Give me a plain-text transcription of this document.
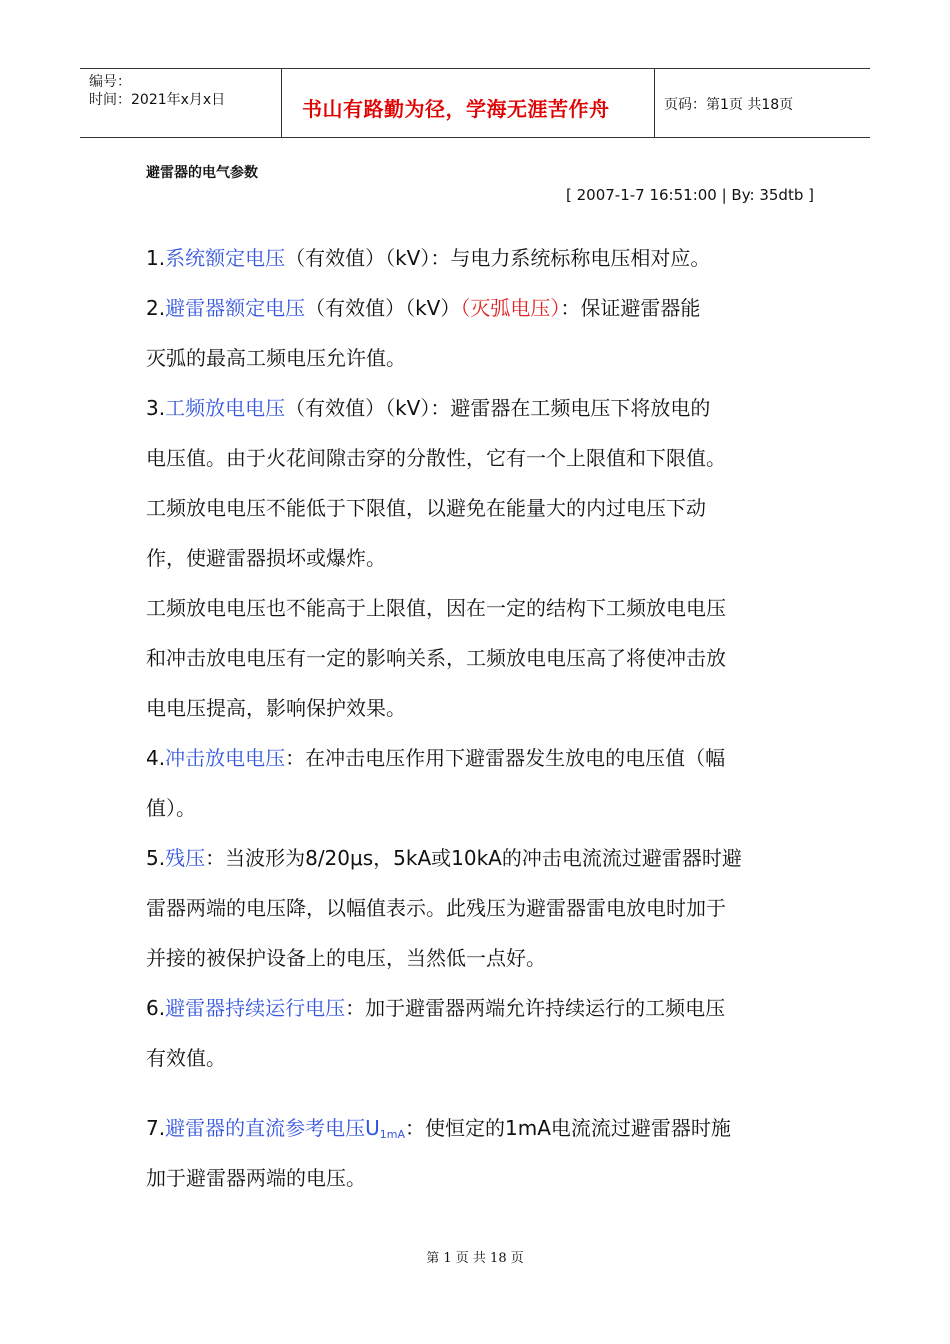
编号：
时间：2021年x月x日	书山有路勤为径，学海无涯苦作舟	页码：第1页 共18页
避雷器的电气参数
[ 2007-1-7 16:51:00 | By: 35dtb ]

1.系统额定电压（有效值）（kV）：与电力系统标称电压相对应。

2.避雷器额定电压（有效值）（kV）（灭弧电压）：保证避雷器能

灭弧的最高工频电压允许值。

3.工频放电电压（有效值）（kV）：避雷器在工频电压下将放电的

电压值。由于火花间隙击穿的分散性，它有一个上限值和下限值。

工频放电电压不能低于下限值，以避免在能量大的内过电压下动

作，使避雷器损坏或爆炸。

工频放电电压也不能高于上限值，因在一定的结构下工频放电电压

和冲击放电电压有一定的影响关系，工频放电电压高了将使冲击放

电电压提高，影响保护效果。

4.冲击放电电压：在冲击电压作用下避雷器发生放电的电压值（幅

值）。

5.残压：当波形为8/20μs，5kA或10kA的冲击电流流过避雷器时避

雷器两端的电压降，以幅值表示。此残压为避雷器雷电放电时加于

并接的被保护设备上的电压，当然低一点好。

6.避雷器持续运行电压：加于避雷器两端允许持续运行的工频电压

有效值。

7.避雷器的直流参考电压$U_{1mA}$：使恒定的1mA电流流过避雷器时施

加于避雷器两端的电压。

第 1 页 共 18 页
